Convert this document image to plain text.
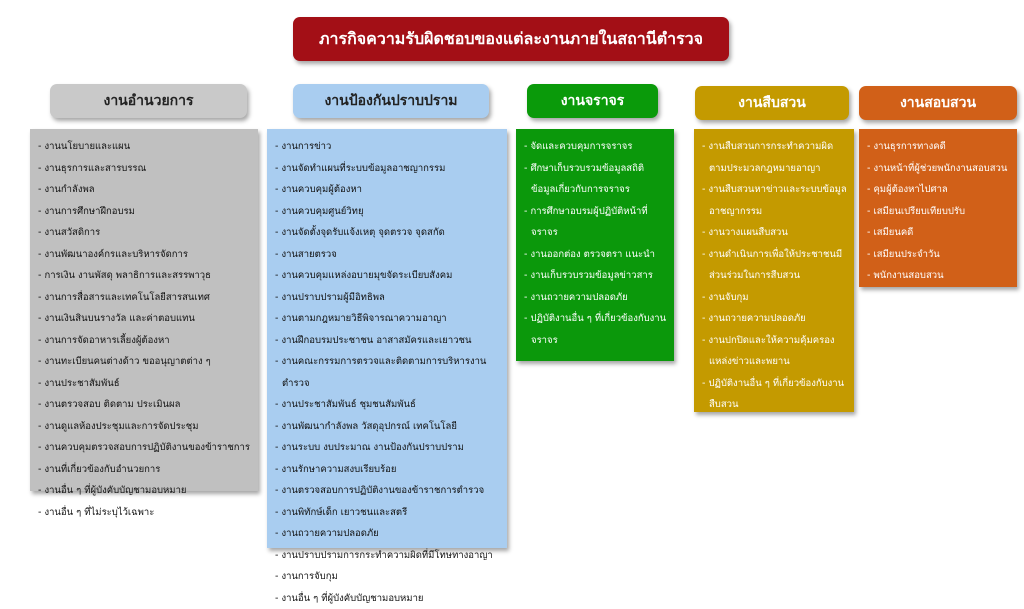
ภารกิจความรับผิดชอบของแต่ละงานภายในสถานีตำรวจ
งานอำนวยการ	งานป้องกันปราบปราม	งานจราจร	งานสืบสวน	งานสอบสวน
- งานนโยบายและแผน
- งานธุรการและสารบรรณ
- งานกำลังพล
- งานการศึกษาฝึกอบรม
- งานสวัสดิการ
- งานพัฒนาองค์กรและบริหารจัดการ
- การเงิน งานพัสดุ พลาธิการและสรรพาวุธ
- งานการสื่อสารและเทคโนโลยีสารสนเทศ
- งานเงินสินบนรางวัล และค่าตอบแทน
- งานการจัดอาหารเลี้ยงผู้ต้องหา
- งานทะเบียนคนต่างด้าว ขออนุญาตต่าง ๆ
- งานประชาสัมพันธ์
- งานตรวจสอบ ติดตาม ประเมินผล
- งานดูแลห้องประชุมและการจัดประชุม
- งานควบคุมตรวจสอบการปฏิบัติงานของข้าราชการ
- งานที่เกี่ยวข้องกับอำนวยการ
- งานอื่น ๆ ที่ผู้บังคับบัญชามอบหมาย
- งานอื่น ๆ ที่ไม่ระบุไว้เฉพาะ
- งานการข่าว
- งานจัดทำแผนที่ระบบข้อมูลอาชญากรรม
- งานควบคุมผู้ต้องหา
- งานควบคุมศูนย์วิทยุ
- งานจัดตั้งจุดรับแจ้งเหตุ จุดตรวจ จุดสกัด
- งานสายตรวจ
- งานควบคุมแหล่งอบายมุขจัดระเบียบสังคม
- งานปราบปรามผู้มีอิทธิพล
- งานตามกฎหมายวิธีพิจารณาความอาญา
- งานฝึกอบรมประชาชน อาสาสมัครและเยาวชน
- งานคณะกรรมการตรวจและติดตามการบริหารงานตำรวจ
- งานประชาสัมพันธ์ ชุมชนสัมพันธ์
- งานพัฒนากำลังพล วัสดุอุปกรณ์ เทคโนโลยี
- งานระบบ งบประมาณ งานป้องกันปราบปราม
- งานรักษาความสงบเรียบร้อย
- งานตรวจสอบการปฏิบัติงานของข้าราชการตำรวจ
- งานพิทักษ์เด็ก เยาวชนและสตรี
- งานถวายความปลอดภัย
- งานปราบปรามการกระทำความผิดที่มีโทษทางอาญา
- งานการจับกุม
- งานอื่น ๆ ที่ผู้บังคับบัญชามอบหมาย
- จัดและควบคุมการจราจร
- ศึกษาเก็บรวบรวมข้อมูลสถิติข้อมูลเกี่ยวกับการจราจร
- การศึกษาอบรมผู้ปฏิบัติหน้าที่จราจร
- งานออกต่อง ตรวจตรา แนะนำ
- งานเก็บรวบรวมข้อมูลข่าวสาร
- งานถวายความปลอดภัย
- ปฏิบัติงานอื่น ๆ ที่เกี่ยวข้องกับงานจราจร
- งานสืบสวนการกระทำความผิดตามประมวลกฎหมายอาญา
- งานสืบสวนหาข่าวและระบบข้อมูลอาชญากรรม
- งานวางแผนสืบสวน
- งานดำเนินการเพื่อให้ประชาชนมีส่วนร่วมในการสืบสวน
- งานจับกุม
- งานถวายความปลอดภัย
- งานปกปิดและให้ความคุ้มครองแหล่งข่าวและพยาน
- ปฏิบัติงานอื่น ๆ ที่เกี่ยวข้องกับงานสืบสวน
- ปฏิบัติงานอื่น ๆ ตามที่ผู้บังคับบัญชามอบหมาย
- งานธุรการทางคดี
- งานหน้าที่ผู้ช่วยพนักงานสอบสวน
- คุมผู้ต้องหาไปศาล
- เสมียนเปรียบเทียบปรับ
- เสมียนคดี
- เสมียนประจำวัน
- พนักงานสอบสวน
